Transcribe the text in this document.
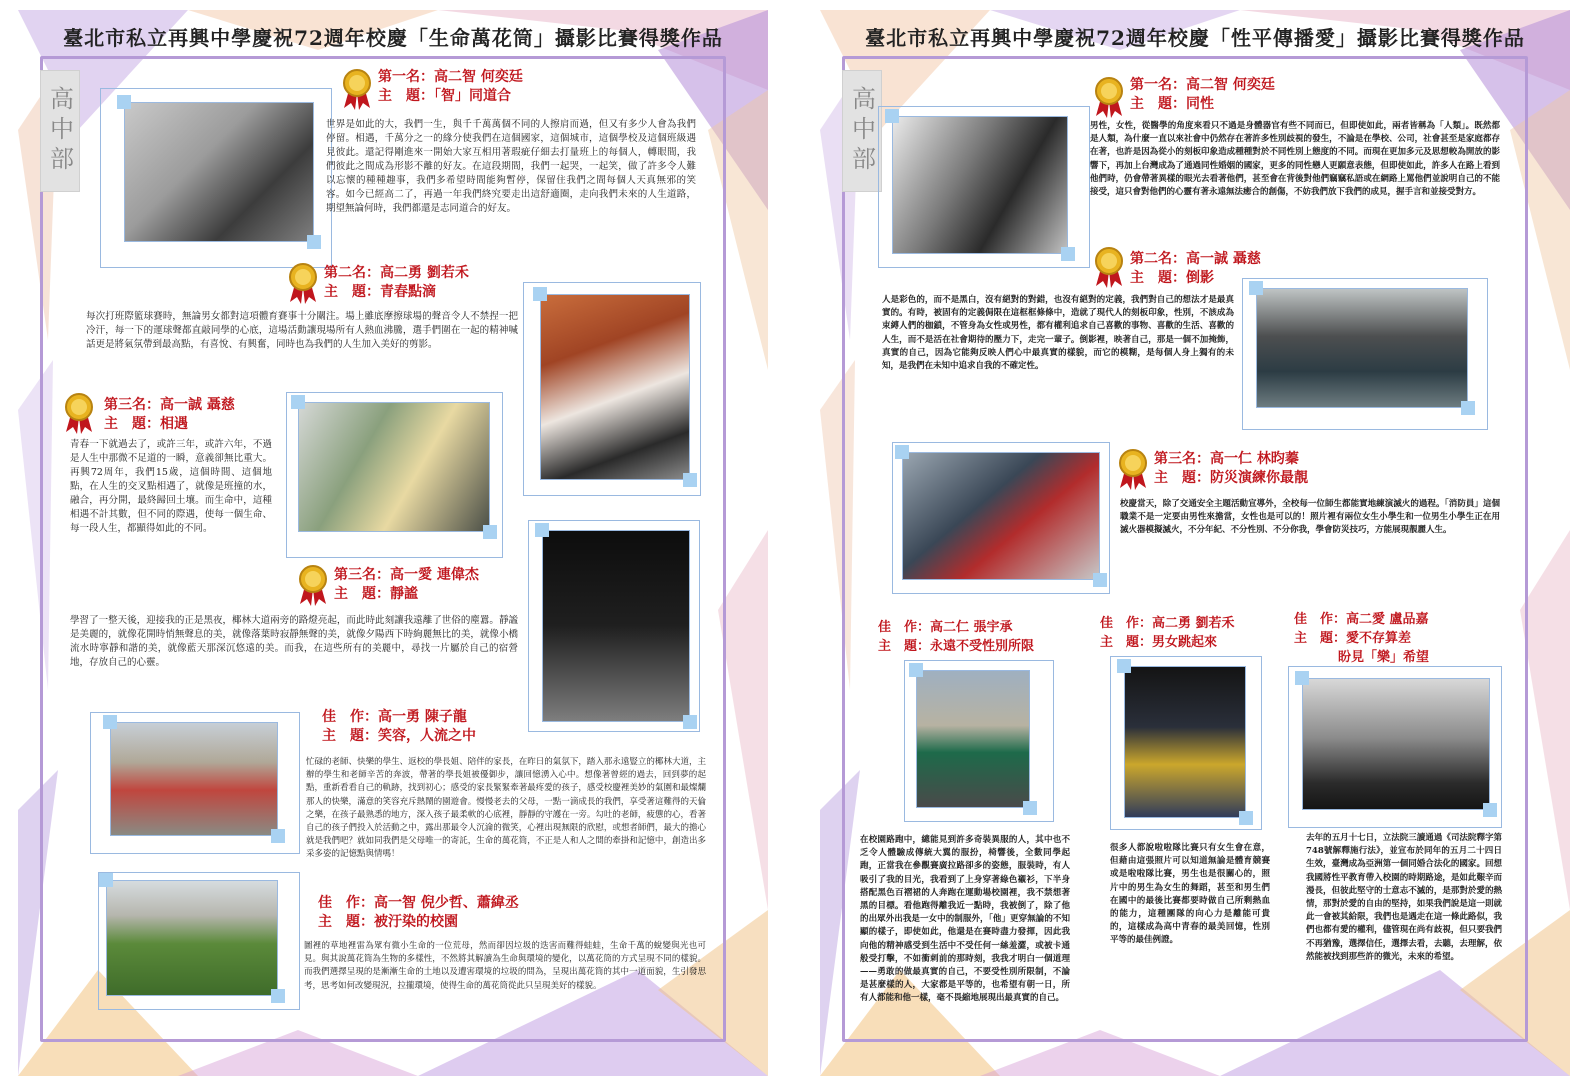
臺北市私立再興中學慶祝72週年校慶「生命萬花筒」攝影比賽得獎作品
高中部
第一名：高二智 何奕廷
主　題：「智」同道合
世界是如此的大，我們一生，與千千萬萬個不同的人擦肩而過，但又有多少人會為我們停留。相遇，千萬分之一的緣分使我們在這個國家，這個城市，這個學校及這個班級遇見彼此。還記得剛進來一開始大家互相用著瑕疵仔細去打量班上的每個人，轉眼間，我們彼此之間成為形影不離的好友。在這段期間，我們一起哭，一起笑，做了許多令人難以忘懷的種種趣事，我們多希望時間能夠暫停，保留住我們之間每個人天真無邪的笑容。如今已經高二了，再過一年我們終究要走出這舒適圈，走向我們未來的人生道路，期望無論何時，我們都還是志同道合的好友。
第二名：高二勇 劉若禾
主　題：青春點滴
每次打班際籃球賽時，無論男女都對這項體育賽事十分關注。場上雖底摩擦球場的聲音令人不禁捏一把冷汗，每一下的運球聲都直敲同學的心底，這場活動讓現場所有人熱血沸騰，選手們圍在一起的精神喊話更是將氣氛帶到最高點，有喜悅、有興奮，同時也為我們的人生加入美好的剪影。
第三名：高一誠 聶慈
主　題：相遇
青春一下就過去了，或許三年，或許六年，不過是人生中那微不足道的一瞬，意義卻無比重大。再興72周年，我們15歲，這個時間、這個地點，在人生的交叉點相遇了，就像是班撞的水，融合，再分開，最終歸回土壤。而生命中，這種相遇不計其數，但不同的際遇，使每一個生命、每一段人生，都顯得如此的不同。
第三名：高一愛 連偉杰
主　題：靜謐
學習了一整天後，迎接我的正是黑夜，椰林大道兩旁的路燈亮起，而此時此刻讓我遠離了世俗的塵囂。靜謐是美麗的，就像花開時悄無聲息的美，就像落葉時寂靜無聲的美，就像夕陽西下時絢麗無比的美，就像小橋流水時寧靜和諧的美，就像藍天那深沉悠遠的美。而我，在這些所有的美麗中，尋找一片屬於自己的宿營地，存放自己的心靈。
佳　作：高一勇 陳子龍
主　題：笑容，人流之中
忙碌的老師、快樂的學生、返校的學長姐、陪伴的家長，在昨日的氣氛下，踏入那永遠豎立的椰林大道，主辦的學生和老師辛苦的奔波，帶著的學長姐被優御步，讓回憶湧入心中。想像著曾經的過去，回到夢的起點，重新看看自己的軌跡，找到初心；感受的家長緊緊牽著最疼愛的孩子，感受校慶裡美妙的氣圍和最燦爛那人的快樂，滿意的笑容充斥熱鬧的園遊會。慢慢老去的父母，一點一滴成長的我們，享受著這難得的天倫之樂，在孩子最熟悉的地方，深入孩子最柔軟的心底裡，靜靜的守護在一旁。勾吐的老師，疲憊的心，看著自己的孩子們投入於活動之中，露出那最令人沉淪的微笑，心裡出現無限的欣慰，或想者師們，最大的擔心就是我們吧？就如同我們是父母唯一的寄託，生命的萬花筒，不正是人和人之間的牽掛和記憶中，創造出多采多姿的記憶點與情嗎！
佳　作：高一智 倪少哲、蕭緯丞
主　題：被汙染的校園
圖裡的草地裡雷為眾有微小生命的一位荒母，然而卻因垃圾的迭害而難得蛙蛙，生命千萬的蛻變與光也可見。與其說萬花筒為生物的多樣性，不然將其解讀為生命與環境的變化，以萬花筒的方式呈現不同的樣貌。而我們選擇呈現的是漸漸生命的土地以及遭害環境的垃圾的問為，呈現出萬花筒的其中一道面貌，生引發思考，思考如何改變現況，拉攏環境，使得生命的萬花筒從此只呈現美好的樣貌。
臺北市私立再興中學慶祝72週年校慶「性平傳播愛」攝影比賽得獎作品
高中部
第一名：高二智 何奕廷
主　題：同性
男性，女性，從醫學的角度來看只不過是身體器官有些不同而已，但即使如此，兩者皆稱為「人類」。既然都是人類，為什麼一直以來社會中仍然存在著許多性別歧視的發生，不論是在學校、公司，社會甚至是家庭都存在著，也許是因為從小的刻板印象造成種種對於不同性別上態度的不同。而現在更加多元及思想較為開放的影響下，再加上台灣成為了通過同性婚姻的國家，更多的同性戀人更願意表態，但即使如此，許多人在路上看到他們時，仍會帶著異樣的眼光去看著他們，甚至會在背後對他們竊竊私語或在網路上罵他們並說明自己的不能接受，這只會對他們的心靈有著永遠無法癒合的創傷，不妨我們放下我們的成見，握手言和並接受對方。
第二名：高一誠 聶慈
主　題：倒影
人是彩色的，而不是黑白，沒有絕對的對錯，也沒有絕對的定義，我們對自己的想法才是最真實的。有時，被固有的定義侷限在這框框條條中，造就了現代人的刻板印象，性別，不該成為束縛人們的枷鎖，不管身為女性或男性，都有權利追求自己喜歡的事物、喜歡的生活、喜歡的人生，而不是活在社會期待的壓力下，走完一輩子。倒影裡，映著自己，那是一個不加掩飾，真實的自己，因為它能夠反映人們心中最真實的樣貌，而它的模糊，是每個人身上獨有的未知，是我們在未知中追求自我的不確定性。
第三名：高一仁 林昀蓁
主　題：防災演練你最靚
校慶當天，除了交通安全主題活動宣導外，全校每一位師生都能實地練演滅火的過程。「消防員」這個職業不是一定要由男性來擔當，女性也是可以的！照片裡有兩位女生小學生和一位男生小學生正在用滅火器模擬滅火，不分年紀、不分性別、不分你我，學會防災技巧，方能展現靚麗人生。
佳　作：高二仁 張宇承
主　題：永遠不受性別所限
在校園路跑中，總能見到許多奇裝異服的人，其中也不乏令人體驗成傳統大翼的服扮，椅響後，全數同學起跑，正當我在參觀賽廣拉路卻多的姿態，服裝時，有人吸引了我的目光，我看到了上身穿著綠色襯衫，下半身搭配黑色百褶裙的人奔跑在運動場校園裡，我不禁想著黑的目標。看他跑得離我近一點時，我被倒了，除了他的出眾外出我是一女中的制服外，「他」更穿無論的不知顯的樣子，即使如此，他還是在賽時盡力發揮，因此我向他的精神感受到生活中不受任何一絲羞澀，或被卡通般受打擊，不如衝刺前的那時刻，我我才明白一個道理——勇敢的做最真實的自己，不要受性別所限制，不論是甚麼樣的人，大家都是平等的，也希望有朝一日，所有人都能和他一樣，毫不畏縮地展現出最真實的自己。
佳　作：高二勇 劉若禾
主　題：男女跳起來
很多人都說啦啦隊比賽只有女生會在意，但藉由這張照片可以知道無論是體育競賽或是啦啦隊比賽，男生也是很關心的，照片中的男生為女生的舞蹈，甚至和男生們在國中的最後比賽都要時做自己所剩熱血的能力，這種團隊的向心力是離能可貴的，這樣成為高中青春的最美回憶，性別平等的最佳例證。
佳　作：高二愛 盧品嘉
主　題：愛不存算差
盼見「樂」希望
去年的五月十七日，立法院三讀通過《司法院釋字第748號解釋施行法》，並宣布於同年的五月二十四日生效，臺灣成為亞洲第一個同婚合法化的國家。回想我國將性平教育帶入校園的時期路途，是如此艱辛而漫長，但彼此堅守的士意志不滅的，是那對於愛的熱情，那對於愛的自由的堅持，如果我們說是這一則就此一會被其給限，我們也是遇走在這一條此路似，我們也都有愛的權利，儘管現在尚有歧視，但只要我們不再猶豫，選擇信任，選擇去看，去聽，去理解，依然能被找到那些許的微光，未來的希望。
